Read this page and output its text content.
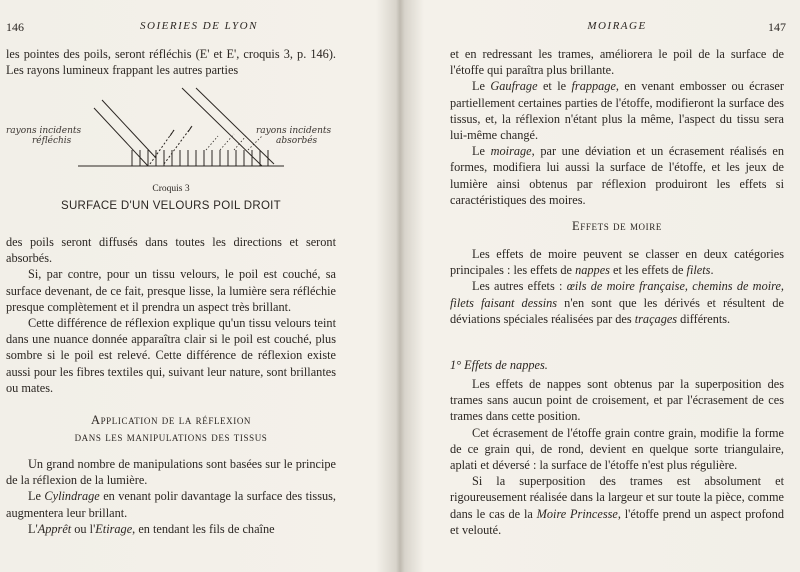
146	SOIERIES DE LYON

les pointes des poils, seront réfléchis (E' et E', croquis 3, p. 146). Les rayons lumineux frappant les autres parties

rayons incidents
réfléchis
rayons incidents
absorbés
Croquis 3
SURFACE D'UN VELOURS POIL DROIT

des poils seront diffusés dans toutes les directions et seront absorbés.

Si, par contre, pour un tissu velours, le poil est couché, sa surface devenant, de ce fait, presque lisse, la lumière sera réfléchie presque complètement et il prendra un aspect très brillant.

Cette différence de réflexion explique qu'un tissu velours teint dans une nuance donnée apparaîtra clair si le poil est couché, plus sombre si le poil est relevé. Cette différence de réflexion existe aussi pour les fibres textiles qui, suivant leur nature, sont brillantes ou mates.

Application de la réflexion
dans les manipulations des tissus

Un grand nombre de manipulations sont basées sur le principe de la réflexion de la lumière.

Le Cylindrage en venant polir davantage la surface des tissus, augmentera leur brillant.

L'Apprêt ou l'Etirage, en tendant les fils de chaîne

MOIRAGE	147

et en redressant les trames, améliorera le poil de la surface de l'étoffe qui paraîtra plus brillante.

Le Gaufrage et le frappage, en venant embosser ou écraser partiellement certaines parties de l'étoffe, modifieront la surface des tissus, et, la réflexion n'étant plus la même, l'aspect du tissu sera lui-même changé.

Le moirage, par une déviation et un écrasement réalisés en formes, modifiera lui aussi la surface de l'étoffe, et les jeux de lumière ainsi obtenus par réflexion produiront les effets si caractéristiques des moires.

Effets de moire

Les effets de moire peuvent se classer en deux catégories principales : les effets de nappes et les effets de filets.

Les autres effets : œils de moire française, chemins de moire, filets faisant dessins n'en sont que les dérivés et résultent de déviations spéciales réalisées par des traçages différents.

1° Effets de nappes.

Les effets de nappes sont obtenus par la superposition des trames sans aucun point de croisement, et par l'écrasement de ces trames dans cette position.

Cet écrasement de l'étoffe grain contre grain, modifie la forme de ce grain qui, de rond, devient en quelque sorte triangulaire, aplati et déversé : la surface de l'étoffe n'est plus régulière.

Si la superposition des trames est absolument et rigoureusement réalisée dans la largeur et sur toute la pièce, comme dans le cas de la Moire Princesse, l'étoffe prend un aspect profond et velouté.
